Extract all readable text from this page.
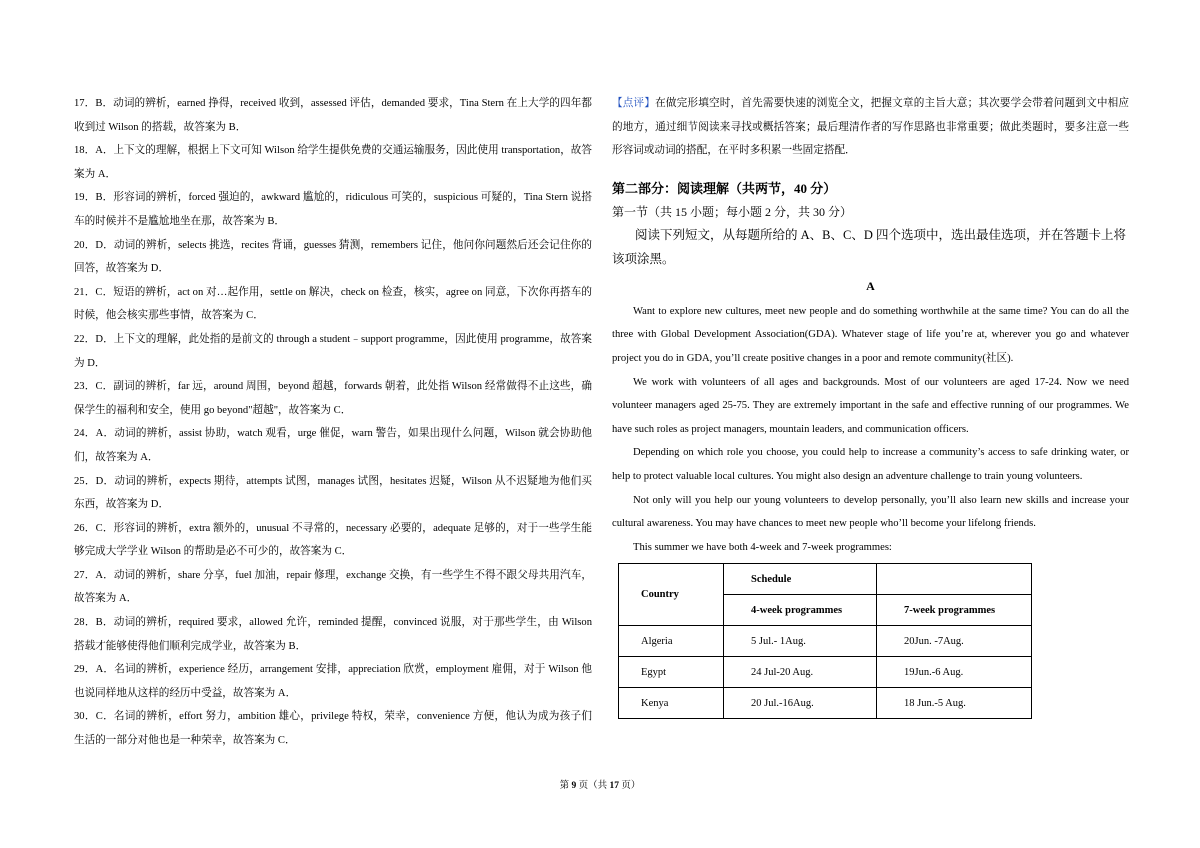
17．B．动词的辨析，earned 挣得，received 收到，assessed 评估，demanded 要求，Tina Stern 在上大学的四年都收到过 Wilson 的搭载，故答案为 B．

18．A．上下文的理解，根据上下文可知 Wilson 给学生提供免费的交通运输服务，因此使用 transportation，故答案为 A．

19．B．形容词的辨析，forced 强迫的，awkward 尴尬的，ridiculous 可笑的，suspicious 可疑的，Tina Stern 说搭车的时候并不是尴尬地坐在那，故答案为 B．

20．D．动词的辨析，selects 挑选，recites 背诵，guesses 猜测，remembers 记住，他问你问题然后还会记住你的回答，故答案为 D．

21．C．短语的辨析，act on 对…起作用，settle on 解决，check on 检查，核实，agree on 同意，下次你再搭车的时候，他会核实那些事情，故答案为 C．

22．D．上下文的理解，此处指的是前文的 through a student﹣support programme，因此使用 programme，故答案为 D．

23．C．副词的辨析，far 远，around 周围，beyond 超越，forwards 朝着，此处指 Wilson 经常做得不止这些，确保学生的福利和安全，使用 go beyond"超越"，故答案为 C．

24．A．动词的辨析，assist 协助，watch 观看，urge 催促，warn 警告，如果出现什么问题，Wilson 就会协助他们，故答案为 A．

25．D．动词的辨析，expects 期待，attempts 试图，manages 试图，hesitates 迟疑，Wilson 从不迟疑地为他们买东西，故答案为 D．

26．C．形容词的辨析，extra 额外的，unusual 不寻常的，necessary 必要的，adequate 足够的，对于一些学生能够完成大学学业 Wilson 的帮助是必不可少的，故答案为 C．

27．A．动词的辨析，share 分享，fuel 加油，repair 修理，exchange 交换，有一些学生不得不跟父母共用汽车，故答案为 A．

28．B．动词的辨析，required 要求，allowed 允许，reminded 提醒，convinced 说服，对于那些学生，由 Wilson 搭载才能够使得他们顺利完成学业，故答案为 B．

29．A．名词的辨析，experience 经历，arrangement 安排，appreciation 欣赏，employment 雇佣，对于 Wilson 他也说同样地从这样的经历中受益，故答案为 A．

30．C．名词的辨析，effort 努力，ambition 雄心，privilege 特权，荣幸，convenience 方便，他认为成为孩子们生活的一部分对他也是一种荣幸，故答案为 C．

【点评】在做完形填空时，首先需要快速的浏览全文，把握文章的主旨大意；其次要学会带着问题到文中相应的地方，通过细节阅读来寻找或概括答案；最后理清作者的写作思路也非常重要；做此类题时，要多注意一些形容词或动词的搭配，在平时多积累一些固定搭配．

第二部分：阅读理解（共两节，40 分）
第一节（共 15 小题；每小题 2 分，共 30 分）
阅读下列短文，从每题所给的 A、B、C、D 四个选项中，选出最佳选项，并在答题卡上将该项涂黑。
A

Want to explore new cultures, meet new people and do something worthwhile at the same time? You can do all the three with Global Development Association(GDA). Whatever stage of life you’re at, wherever you go and whatever project you do in GDA, you’ll create positive changes in a poor and remote community(社区).

We work with volunteers of all ages and backgrounds. Most of our volunteers are aged 17-24. Now we need volunteer managers aged 25-75. They are extremely important in the safe and effective running of our programmes. We have such roles as project managers, mountain leaders, and communication officers.

Depending on which role you choose, you could help to increase a community’s access to safe drinking water, or help to protect valuable local cultures. You might also design an adventure challenge to train young volunteers.

Not only will you help our young volunteers to develop personally, you’ll also learn new skills and increase your cultural awareness. You may have chances to meet new people who’ll become your lifelong friends.

This summer we have both 4-week and 7-week programmes:

Country	Schedule	
	4-week programmes	7-week programmes
Algeria	5 Jul.- 1Aug.	20Jun. -7Aug.
Egypt	24 Jul-20 Aug.	19Jun.-6 Aug.
Kenya	20 Jul.-16Aug.	18 Jun.-5 Aug.
第 9 页（共 17 页）
